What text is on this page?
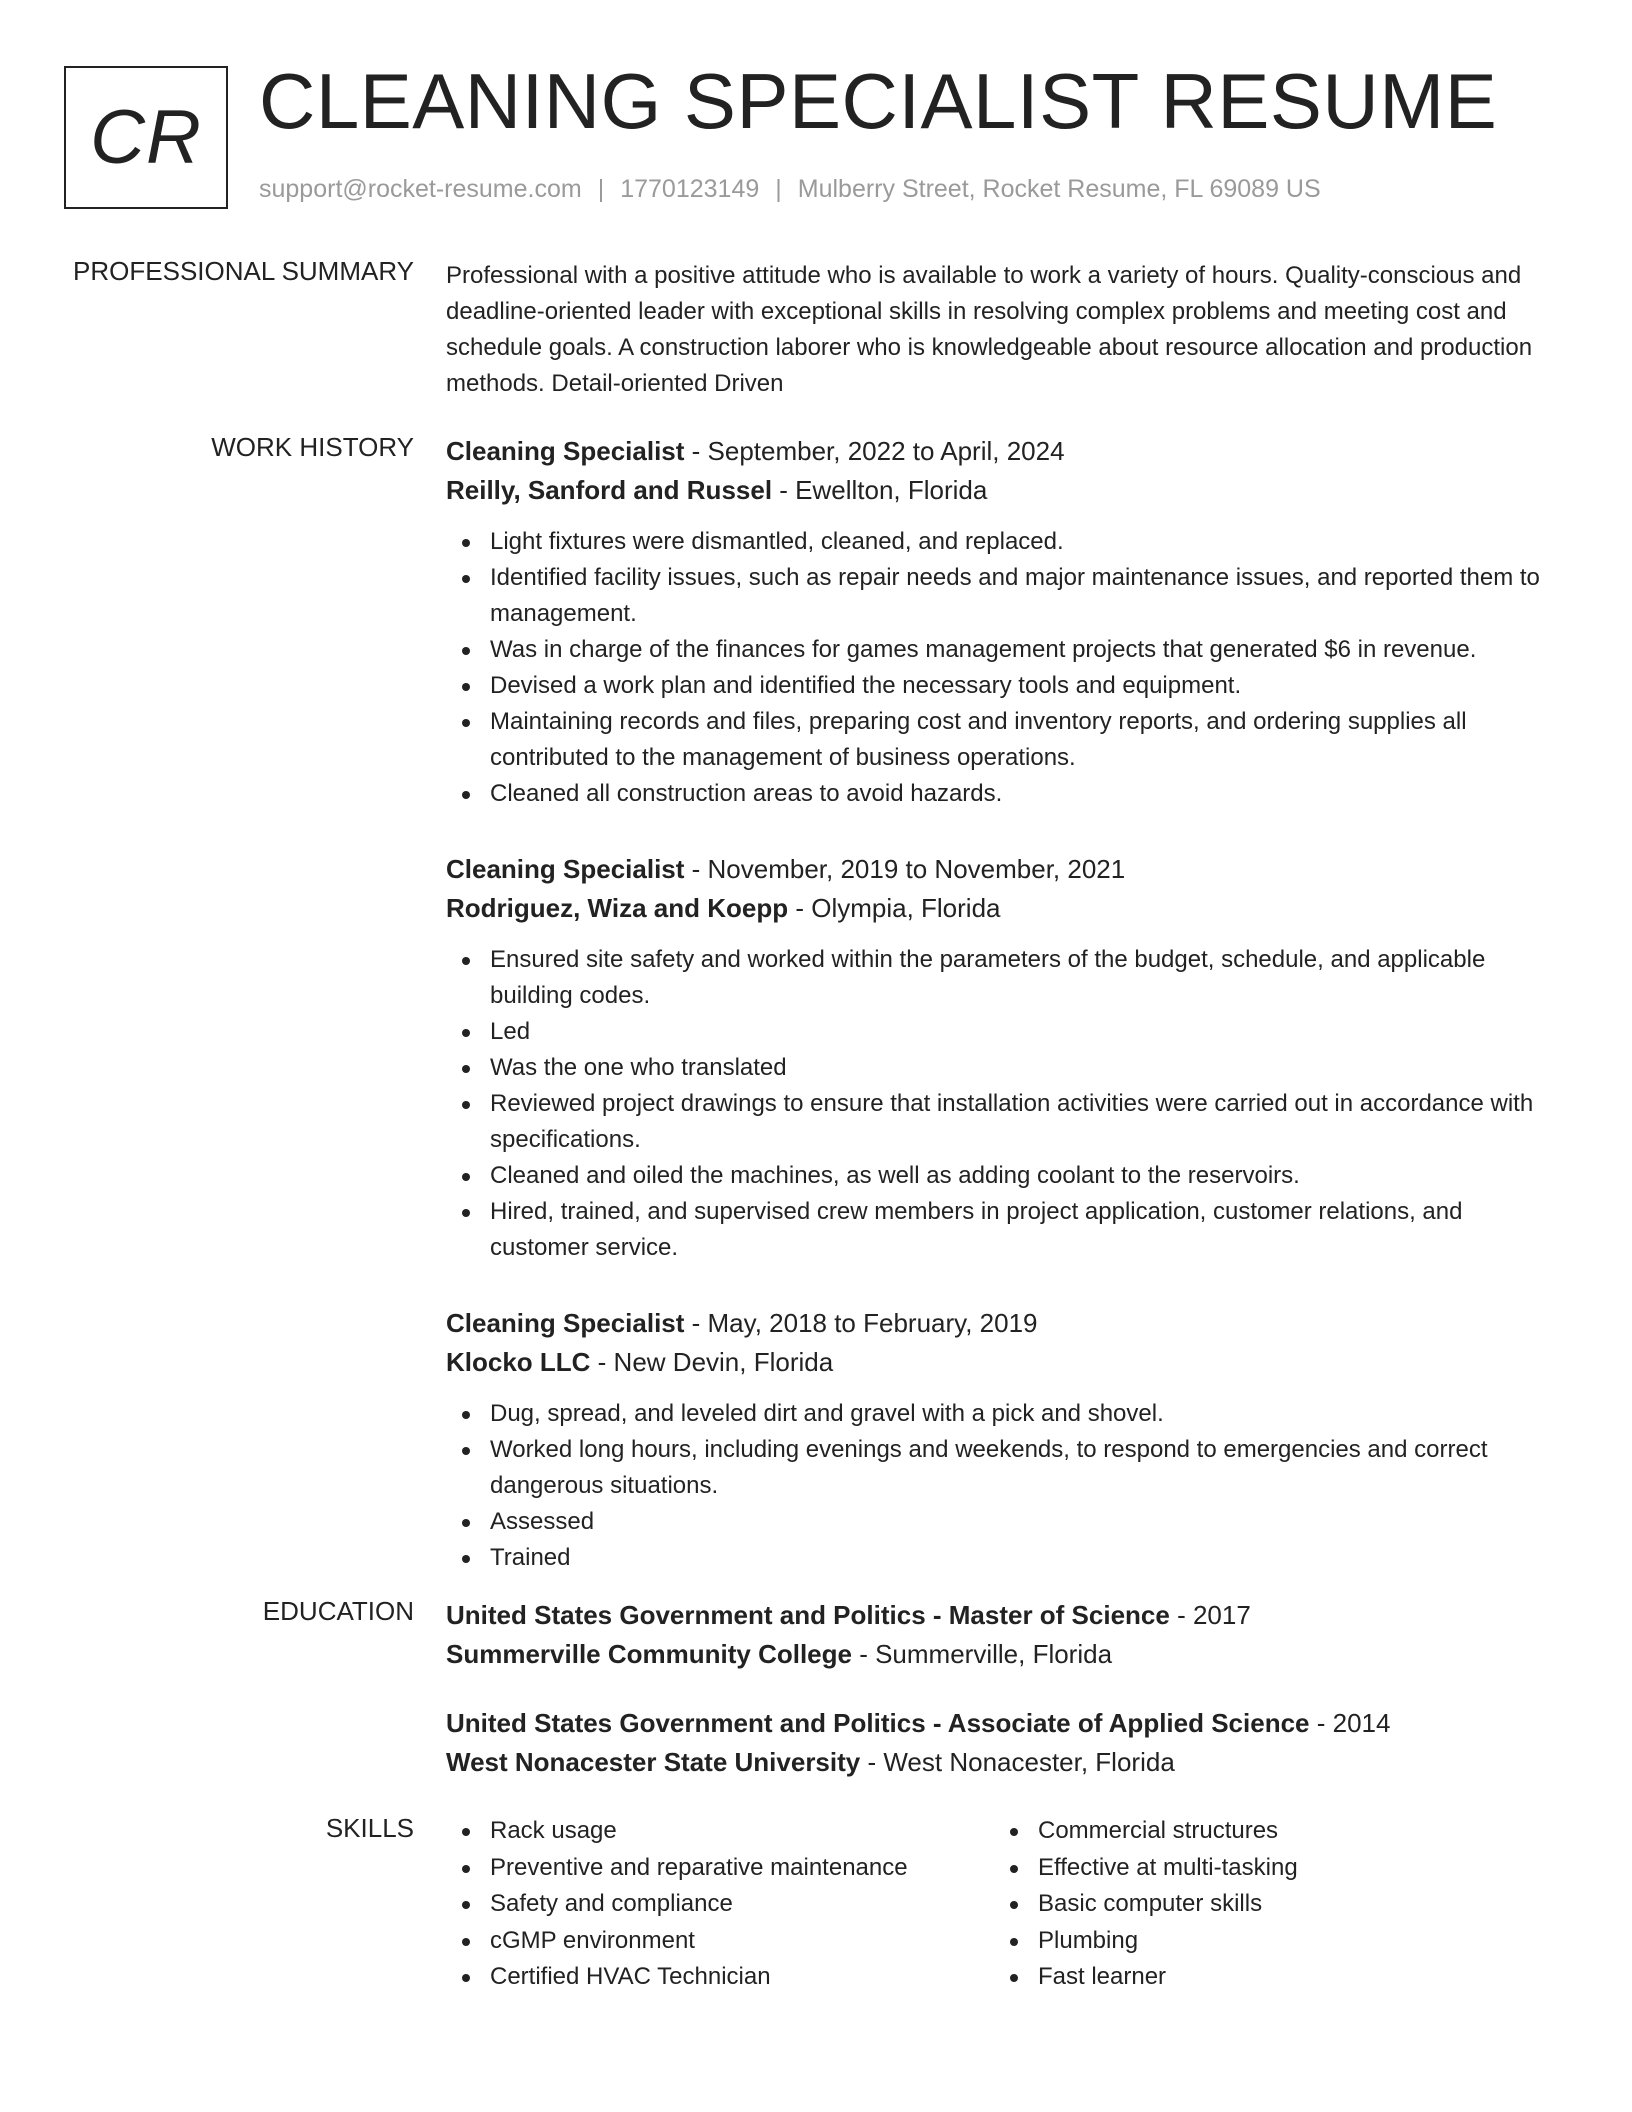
CR CLEANING SPECIALIST RESUME
support@rocket-resume.com | 1770123149 | Mulberry Street, Rocket Resume, FL 69089 US
PROFESSIONAL SUMMARY Professional with a positive attitude who is available to work a variety of hours. Quality-conscious and deadline-oriented leader with exceptional skills in resolving complex problems and meeting cost and schedule goals. A construction laborer who is knowledgeable about resource allocation and production methods. Detail-oriented Driven

WORK HISTORY Cleaning Specialist - September, 2022 to April, 2024
Reilly, Sanford and Russel - Ewellton, Florida
Light fixtures were dismantled, cleaned, and replaced.
Identified facility issues, such as repair needs and major maintenance issues, and reported them to management.
Was in charge of the finances for games management projects that generated $6 in revenue.
Devised a work plan and identified the necessary tools and equipment.
Maintaining records and files, preparing cost and inventory reports, and ordering supplies all contributed to the management of business operations.
Cleaned all construction areas to avoid hazards.
Cleaning Specialist - November, 2019 to November, 2021
Rodriguez, Wiza and Koepp - Olympia, Florida
Ensured site safety and worked within the parameters of the budget, schedule, and applicable building codes.
Led
Was the one who translated
Reviewed project drawings to ensure that installation activities were carried out in accordance with specifications.
Cleaned and oiled the machines, as well as adding coolant to the reservoirs.
Hired, trained, and supervised crew members in project application, customer relations, and customer service.
Cleaning Specialist - May, 2018 to February, 2019
Klocko LLC - New Devin, Florida
Dug, spread, and leveled dirt and gravel with a pick and shovel.
Worked long hours, including evenings and weekends, to respond to emergencies and correct dangerous situations.
Assessed
Trained
EDUCATION United States Government and Politics - Master of Science - 2017
Summerville Community College - Summerville, Florida
United States Government and Politics - Associate of Applied Science - 2014
West Nonacester State University - West Nonacester, Florida
SKILLS	Rack usage
Preventive and reparative maintenance
Safety and compliance
cGMP environment
Certified HVAC Technician
Commercial structures
Effective at multi-tasking
Basic computer skills
Plumbing
Fast learner
